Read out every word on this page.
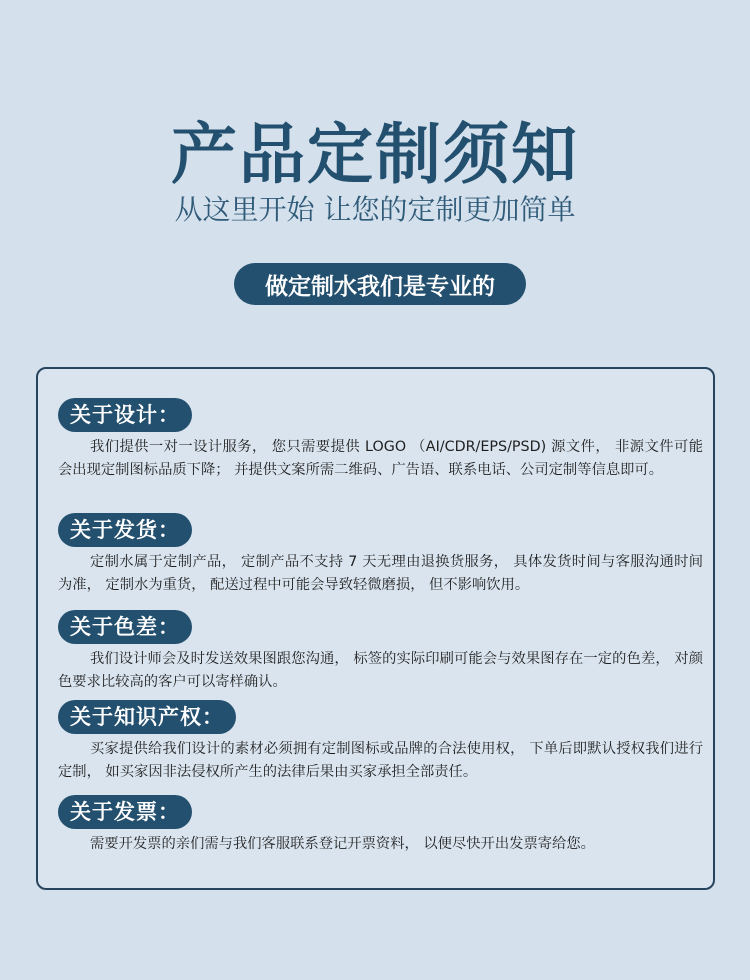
产品定制须知
从这里开始 让您的定制更加简单
做定制水我们是专业的
关于设计：
我们提供一对一设计服务， 您只需要提供 LOGO （AI/CDR/EPS/PSD) 源文件， 非源文件可能会出现定制图标品质下降； 并提供文案所需二维码、广告语、联系电话、公司定制等信息即可。
关于发货：
定制水属于定制产品， 定制产品不支持 7 天无理由退换货服务， 具体发货时间与客服沟通时间为准， 定制水为重货， 配送过程中可能会导致轻微磨损， 但不影响饮用。
关于色差：
我们设计师会及时发送效果图跟您沟通， 标签的实际印刷可能会与效果图存在一定的色差， 对颜色要求比较高的客户可以寄样确认。
关于知识产权：
买家提供给我们设计的素材必须拥有定制图标或品牌的合法使用权， 下单后即默认授权我们进行定制， 如买家因非法侵权所产生的法律后果由买家承担全部责任。
关于发票：
需要开发票的亲们需与我们客服联系登记开票资料， 以便尽快开出发票寄给您。
